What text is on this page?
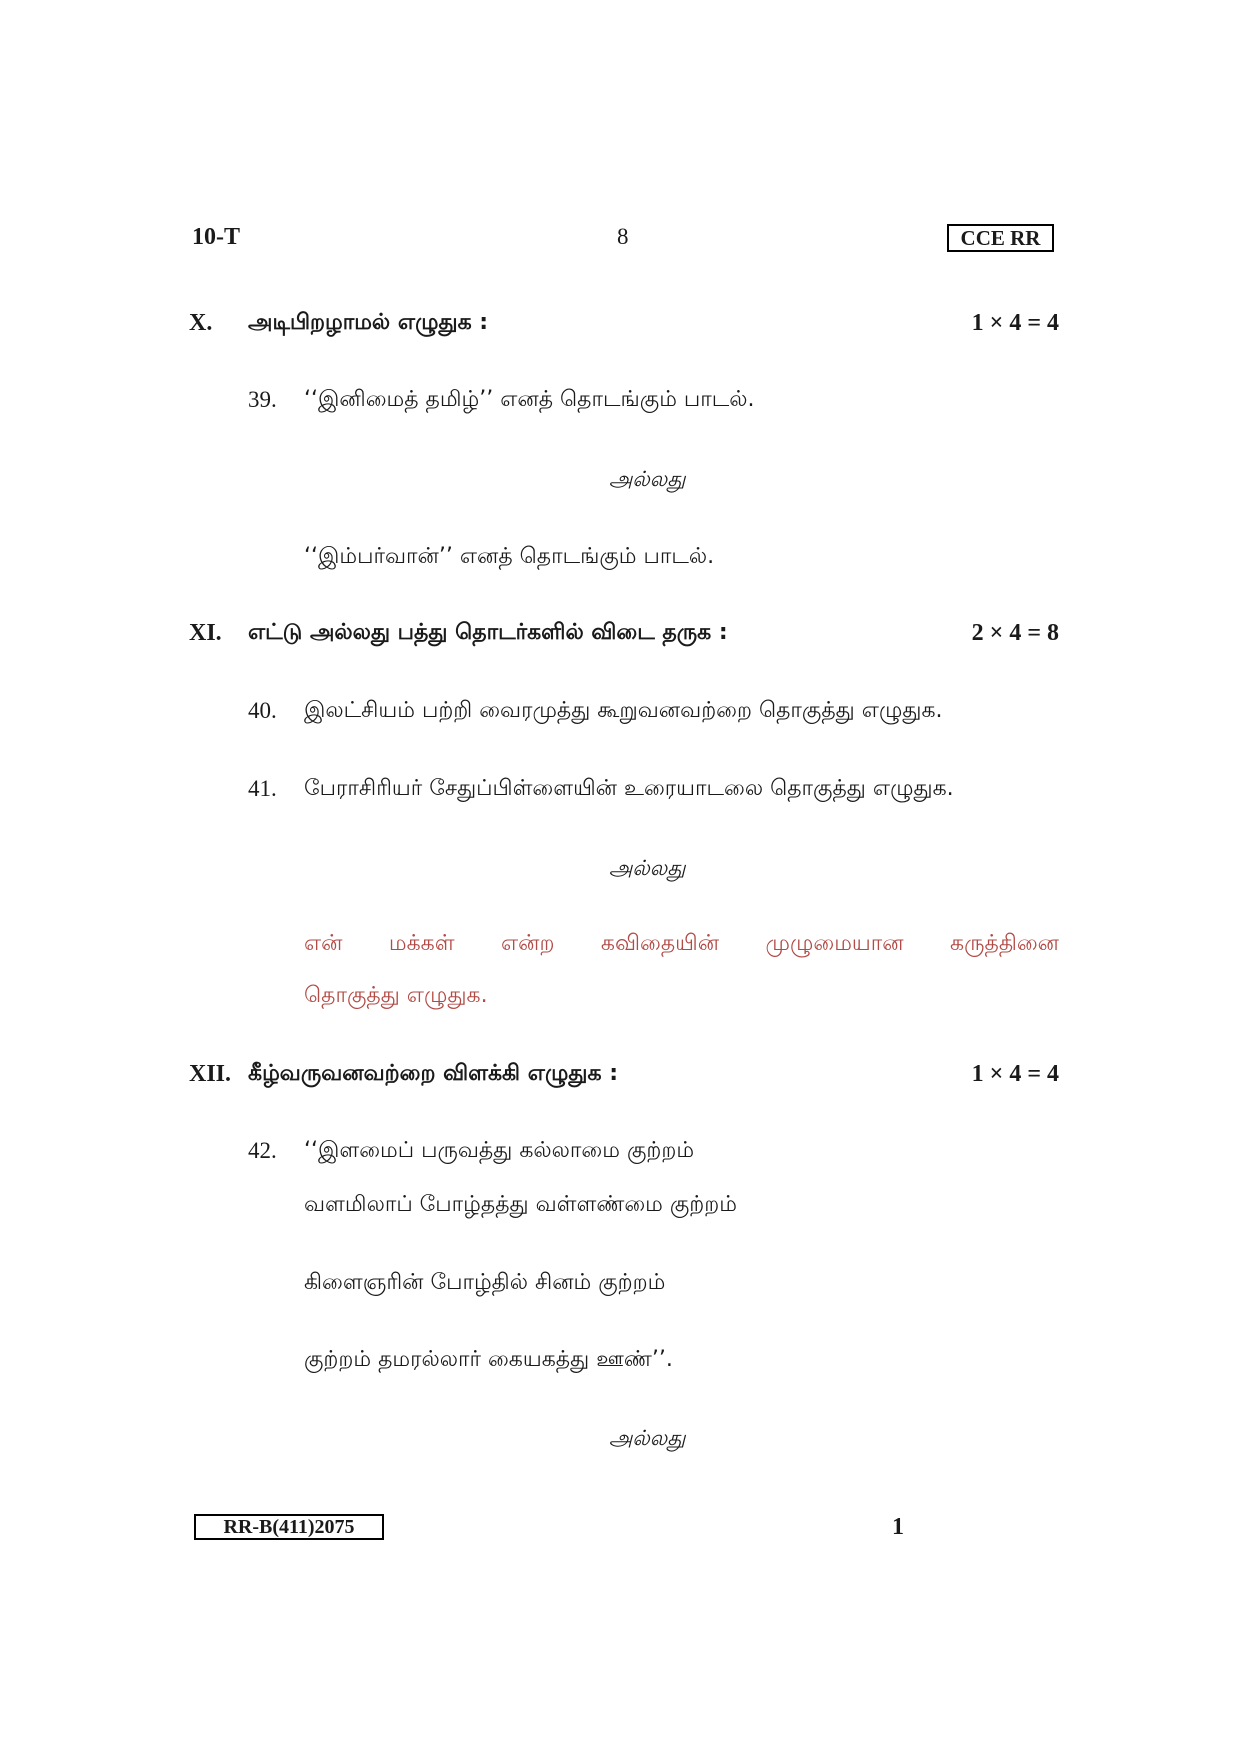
10-T	8	CCE RR
X. அடிபிறழாமல் எழுதுக :	1 × 4 = 4
39. ‘‘இனிமைத் தமிழ்’’ எனத் தொடங்கும் பாடல்.
அல்லது
‘‘இம்பர்வான்’’ எனத் தொடங்கும் பாடல்.
XI. எட்டு அல்லது பத்து தொடர்களில் விடை தருக :	2 × 4 = 8
40. இலட்சியம் பற்றி வைரமுத்து கூறுவனவற்றை தொகுத்து எழுதுக.
41. பேராசிரியர் சேதுப்பிள்ளையின் உரையாடலை தொகுத்து எழுதுக.
அல்லது
என் மக்கள் என்ற கவிதையின் முழுமையான கருத்தினை
தொகுத்து எழுதுக.
XII. கீழ்வருவனவற்றை விளக்கி எழுதுக :	1 × 4 = 4
42. ‘‘இளமைப் பருவத்து கல்லாமை குற்றம்
வளமிலாப் போழ்தத்து வள்ளண்மை குற்றம்
கிளைஞரின் போழ்தில் சினம் குற்றம்
குற்றம் தமரல்லார் கையகத்து ஊண்’’.
அல்லது
RR-B(411)2075	1
